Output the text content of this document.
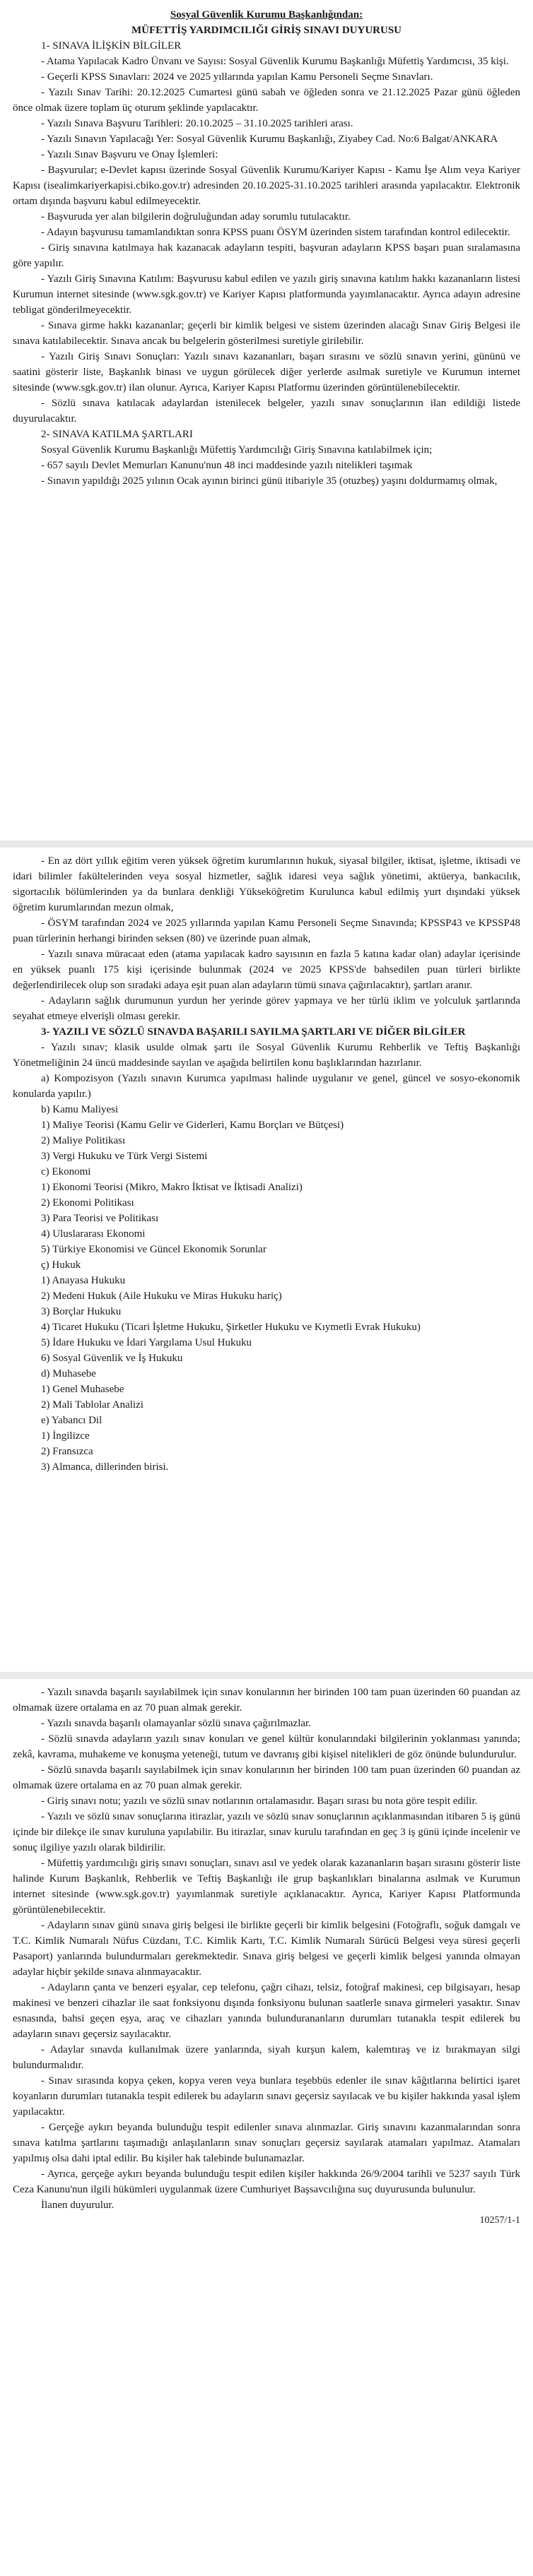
Sosyal Güvenlik Kurumu Başkanlığından:

MÜFETTİŞ YARDIMCILIĞI GİRİŞ SINAVI DUYURUSU

1- SINAVA İLİŞKİN BİLGİLER

- Atama Yapılacak Kadro Ünvanı ve Sayısı: Sosyal Güvenlik Kurumu Başkanlığı Müfettiş Yardımcısı, 35 kişi.

- Geçerli KPSS Sınavları: 2024 ve 2025 yıllarında yapılan Kamu Personeli Seçme Sınavları.

- Yazılı Sınav Tarihi: 20.12.2025 Cumartesi günü sabah ve öğleden sonra ve 21.12.2025 Pazar günü öğleden önce olmak üzere toplam üç oturum şeklinde yapılacaktır.

- Yazılı Sınava Başvuru Tarihleri: 20.10.2025 – 31.10.2025 tarihleri arası.

- Yazılı Sınavın Yapılacağı Yer: Sosyal Güvenlik Kurumu Başkanlığı, Ziyabey Cad. No:6 Balgat/ANKARA

- Yazılı Sınav Başvuru ve Onay İşlemleri:

- Başvurular; e-Devlet kapısı üzerinde Sosyal Güvenlik Kurumu/Kariyer Kapısı - Kamu İşe Alım veya Kariyer Kapısı (isealimkariyerkapisi.cbiko.gov.tr) adresinden 20.10.2025-31.10.2025 tarihleri arasında yapılacaktır. Elektronik ortam dışında başvuru kabul edilmeyecektir.

- Başvuruda yer alan bilgilerin doğruluğundan aday sorumlu tutulacaktır.

- Adayın başvurusu tamamlandıktan sonra KPSS puanı ÖSYM üzerinden sistem tarafından kontrol edilecektir.

- Giriş sınavına katılmaya hak kazanacak adayların tespiti, başvuran adayların KPSS başarı puan sıralamasına göre yapılır.

- Yazılı Giriş Sınavına Katılım: Başvurusu kabul edilen ve yazılı giriş sınavına katılım hakkı kazananların listesi Kurumun internet sitesinde (www.sgk.gov.tr) ve Kariyer Kapısı platformunda yayımlanacaktır. Ayrıca adayın adresine tebligat gönderilmeyecektir.

- Sınava girme hakkı kazananlar; geçerli bir kimlik belgesi ve sistem üzerinden alacağı Sınav Giriş Belgesi ile sınava katılabilecektir. Sınava ancak bu belgelerin gösterilmesi suretiyle girilebilir.

- Yazılı Giriş Sınavı Sonuçları: Yazılı sınavı kazananları, başarı sırasını ve sözlü sınavın yerini, gününü ve saatini gösterir liste, Başkanlık binası ve uygun görülecek diğer yerlerde asılmak suretiyle ve Kurumun internet sitesinde (www.sgk.gov.tr) ilan olunur. Ayrıca, Kariyer Kapısı Platformu üzerinden görüntülenebilecektir.

- Sözlü sınava katılacak adaylardan istenilecek belgeler, yazılı sınav sonuçlarının ilan edildiği listede duyurulacaktır.

2- SINAVA KATILMA ŞARTLARI

Sosyal Güvenlik Kurumu Başkanlığı Müfettiş Yardımcılığı Giriş Sınavına katılabilmek için;

- 657 sayılı Devlet Memurları Kanunu'nun 48 inci maddesinde yazılı nitelikleri taşımak

- Sınavın yapıldığı 2025 yılının Ocak ayının birinci günü itibariyle 35 (otuzbeş) yaşını doldurmamış olmak,

- En az dört yıllık eğitim veren yüksek öğretim kurumlarının hukuk, siyasal bilgiler, iktisat, işletme, iktisadi ve idari bilimler fakültelerinden veya sosyal hizmetler, sağlık idaresi veya sağlık yönetimi, aktüerya, bankacılık, sigortacılık bölümlerinden ya da bunlara denkliği Yükseköğretim Kurulunca kabul edilmiş yurt dışındaki yüksek öğretim kurumlarından mezun olmak,

- ÖSYM tarafından 2024 ve 2025 yıllarında yapılan Kamu Personeli Seçme Sınavında; KPSSP43 ve KPSSP48 puan türlerinin herhangi birinden seksen (80) ve üzerinde puan almak,

- Yazılı sınava müracaat eden (atama yapılacak kadro sayısının en fazla 5 katına kadar olan) adaylar içerisinde en yüksek puanlı 175 kişi içerisinde bulunmak (2024 ve 2025 KPSS'de bahsedilen puan türleri birlikte değerlendirilecek olup son sıradaki adaya eşit puan alan adayların tümü sınava çağırılacaktır), şartları aranır.

- Adayların sağlık durumunun yurdun her yerinde görev yapmaya ve her türlü iklim ve yolculuk şartlarında seyahat etmeye elverişli olması gerekir.

3- YAZILI VE SÖZLÜ SINAVDA BAŞARILI SAYILMA ŞARTLARI VE DİĞER BİLGİLER

- Yazılı sınav; klasik usulde olmak şartı ile Sosyal Güvenlik Kurumu Rehberlik ve Teftiş Başkanlığı Yönetmeliğinin 24 üncü maddesinde sayılan ve aşağıda belirtilen konu başlıklarından hazırlanır.

a) Kompozisyon (Yazılı sınavın Kurumca yapılması halinde uygulanır ve genel, güncel ve sosyo-ekonomik konularda yapılır.)

b) Kamu Maliyesi

1) Maliye Teorisi (Kamu Gelir ve Giderleri, Kamu Borçları ve Bütçesi)

2) Maliye Politikası

3) Vergi Hukuku ve Türk Vergi Sistemi

c) Ekonomi

1) Ekonomi Teorisi (Mikro, Makro İktisat ve İktisadi Analizi)

2) Ekonomi Politikası

3) Para Teorisi ve Politikası

4) Uluslararası Ekonomi

5) Türkiye Ekonomisi ve Güncel Ekonomik Sorunlar

ç) Hukuk

1) Anayasa Hukuku

2) Medeni Hukuk (Aile Hukuku ve Miras Hukuku hariç)

3) Borçlar Hukuku

4) Ticaret Hukuku (Ticari İşletme Hukuku, Şirketler Hukuku ve Kıymetli Evrak Hukuku)

5) İdare Hukuku ve İdari Yargılama Usul Hukuku

6) Sosyal Güvenlik ve İş Hukuku

d) Muhasebe

1) Genel Muhasebe

2) Mali Tablolar Analizi

e) Yabancı Dil

1) İngilizce

2) Fransızca

3) Almanca, dillerinden birisi.

- Yazılı sınavda başarılı sayılabilmek için sınav konularının her birinden 100 tam puan üzerinden 60 puandan az olmamak üzere ortalama en az 70 puan almak gerekir.

- Yazılı sınavda başarılı olamayanlar sözlü sınava çağırılmazlar.

- Sözlü sınavda adayların yazılı sınav konuları ve genel kültür konularındaki bilgilerinin yoklanması yanında; zekâ, kavrama, muhakeme ve konuşma yeteneği, tutum ve davranış gibi kişisel nitelikleri de göz önünde bulundurulur.

- Sözlü sınavda başarılı sayılabilmek için sınav konularının her birinden 100 tam puan üzerinden 60 puandan az olmamak üzere ortalama en az 70 puan almak gerekir.

- Giriş sınavı notu; yazılı ve sözlü sınav notlarının ortalamasıdır. Başarı sırası bu nota göre tespit edilir.

- Yazılı ve sözlü sınav sonuçlarına itirazlar, yazılı ve sözlü sınav sonuçlarının açıklanmasından itibaren 5 iş günü içinde bir dilekçe ile sınav kuruluna yapılabilir. Bu itirazlar, sınav kurulu tarafından en geç 3 iş günü içinde incelenir ve sonuç ilgiliye yazılı olarak bildirilir.

- Müfettiş yardımcılığı giriş sınavı sonuçları, sınavı asıl ve yedek olarak kazananların başarı sırasını gösterir liste halinde Kurum Başkanlık, Rehberlik ve Teftiş Başkanlığı ile grup başkanlıkları binalarına asılmak ve Kurumun internet sitesinde (www.sgk.gov.tr) yayımlanmak suretiyle açıklanacaktır. Ayrıca, Kariyer Kapısı Platformunda görüntülenebilecektir.

- Adayların sınav günü sınava giriş belgesi ile birlikte geçerli bir kimlik belgesini (Fotoğraflı, soğuk damgalı ve T.C. Kimlik Numaralı Nüfus Cüzdanı, T.C. Kimlik Kartı, T.C. Kimlik Numaralı Sürücü Belgesi veya süresi geçerli Pasaport) yanlarında bulundurmaları gerekmektedir. Sınava giriş belgesi ve geçerli kimlik belgesi yanında olmayan adaylar hiçbir şekilde sınava alınmayacaktır.

- Adayların çanta ve benzeri eşyalar, cep telefonu, çağrı cihazı, telsiz, fotoğraf makinesi, cep bilgisayarı, hesap makinesi ve benzeri cihazlar ile saat fonksiyonu dışında fonksiyonu bulunan saatlerle sınava girmeleri yasaktır. Sınav esnasında, bahsi geçen eşya, araç ve cihazları yanında bulundurananların durumları tutanakla tespit edilerek bu adayların sınavı geçersiz sayılacaktır.

- Adaylar sınavda kullanılmak üzere yanlarında, siyah kurşun kalem, kalemtıraş ve iz bırakmayan silgi bulundurmalıdır.

- Sınav sırasında kopya çeken, kopya veren veya bunlara teşebbüs edenler ile sınav kâğıtlarına belirtici işaret koyanların durumları tutanakla tespit edilerek bu adayların sınavı geçersiz sayılacak ve bu kişiler hakkında yasal işlem yapılacaktır.

- Gerçeğe aykırı beyanda bulunduğu tespit edilenler sınava alınmazlar. Giriş sınavını kazanmalarından sonra sınava katılma şartlarını taşımadığı anlaşılanların sınav sonuçları geçersiz sayılarak atamaları yapılmaz. Atamaları yapılmış olsa dahi iptal edilir. Bu kişiler hak talebinde bulunamazlar.

- Ayrıca, gerçeğe aykırı beyanda bulunduğu tespit edilen kişiler hakkında 26/9/2004 tarihli ve 5237 sayılı Türk Ceza Kanunu'nun ilgili hükümleri uygulanmak üzere Cumhuriyet Başsavcılığına suç duyurusunda bulunulur.

İlanen duyurulur.

10257/1-1
